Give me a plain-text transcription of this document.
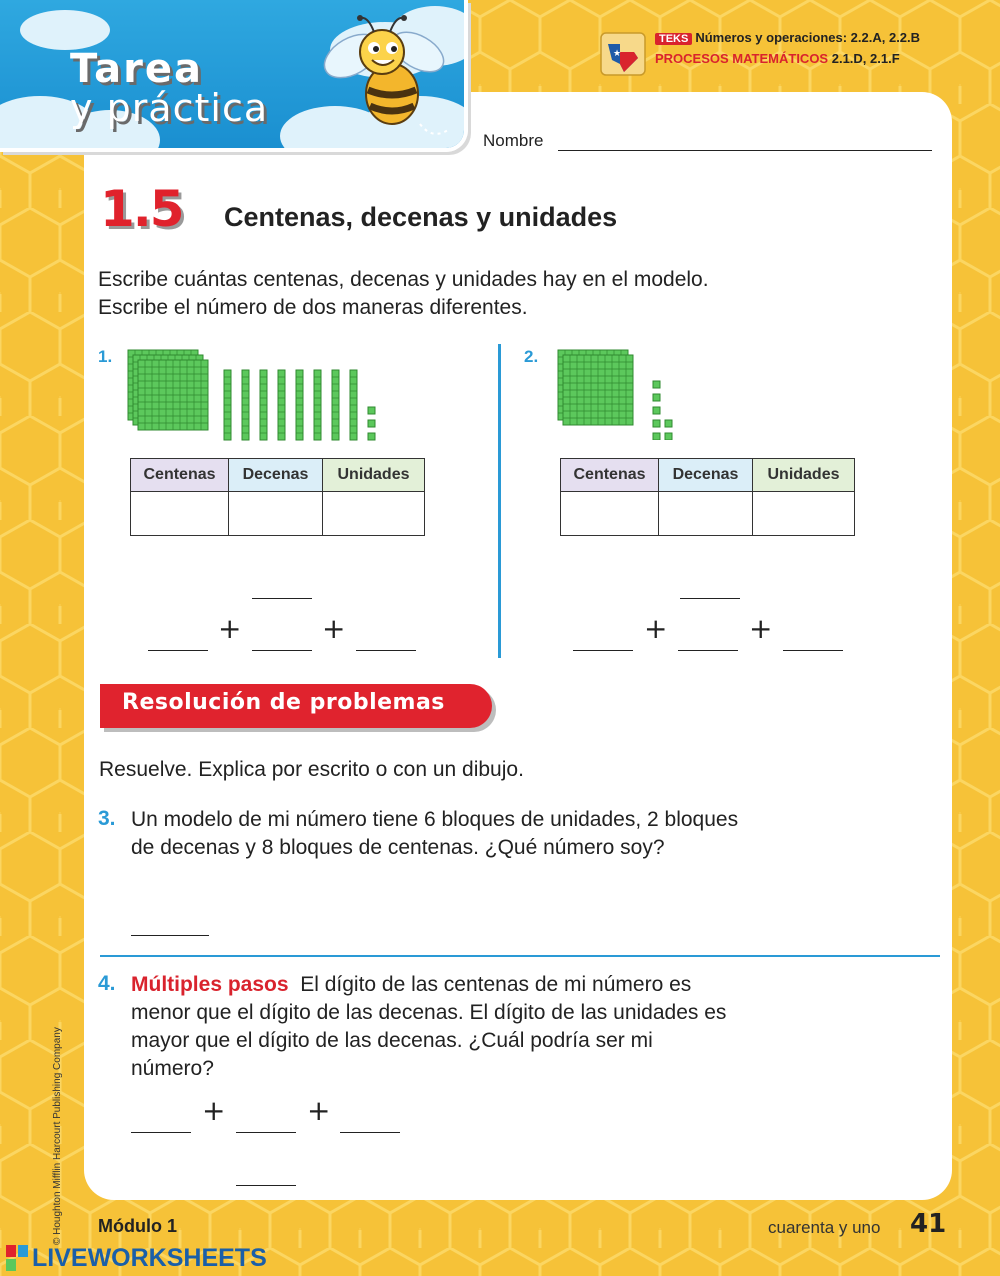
Tarea
y práctica
★
TEKS Números y operaciones: 2.2.A, 2.2.B
PROCESOS MATEMÁTICOS 2.1.D, 2.1.F
Nombre
1.5 Centenas, decenas y unidades
Escribe cuántas centenas, decenas y unidades hay en el modelo. Escribe el número de dos maneras diferentes.
1.
Centenas	Decenas	Unidades

+	+
2.
Centenas	Decenas	Unidades

+	+
Resolución de problemas
Resuelve. Explica por escrito o con un dibujo.
3. Un modelo de mi número tiene 6 bloques de unidades, 2 bloques de decenas y 8 bloques de centenas. ¿Qué número soy?
4. Múltiples pasos El dígito de las centenas de mi número es menor que el dígito de las decenas. El dígito de las unidades es mayor que el dígito de las decenas. ¿Cuál podría ser mi número?
+	+
© Houghton Mifflin Harcourt Publishing Company Módulo 1	cuarenta y uno 41
LIVEWORKSHEETS
